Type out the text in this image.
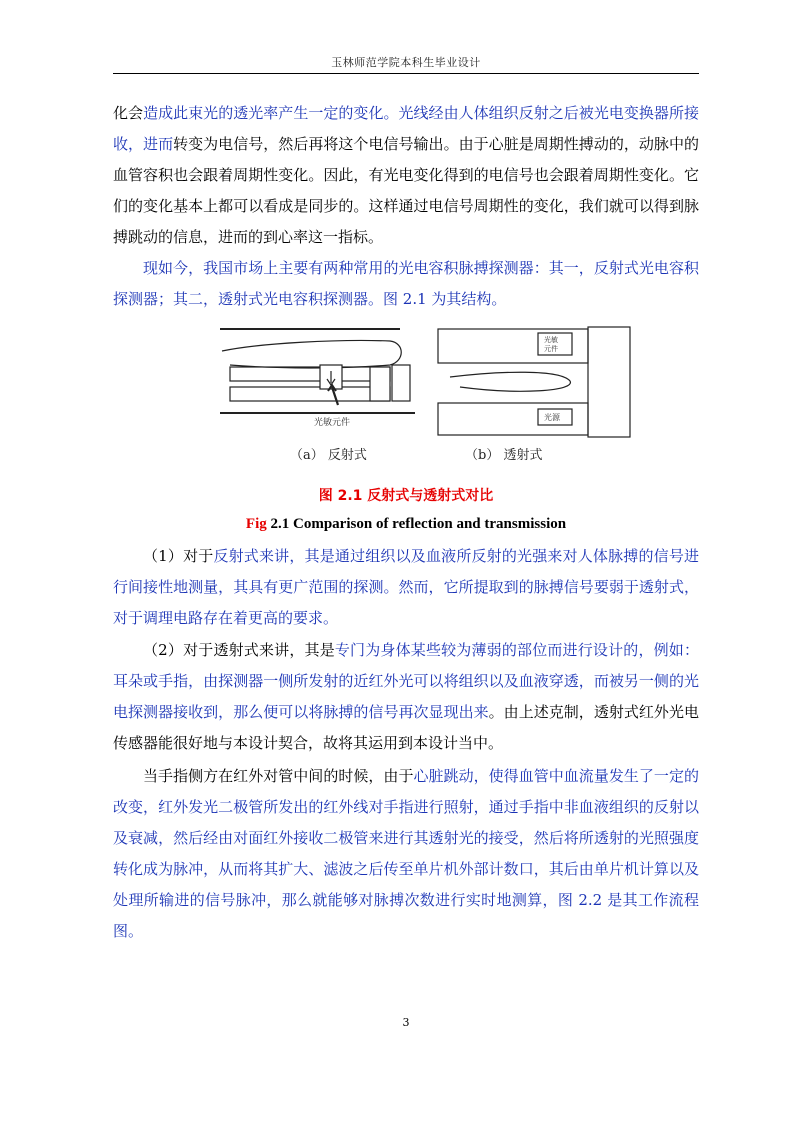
玉林师范学院本科生毕业设计
化会造成此束光的透光率产生一定的变化。光线经由人体组织反射之后被光电变换器所接收，进而转变为电信号，然后再将这个电信号输出。由于心脏是周期性搏动的，动脉中的血管容积也会跟着周期性变化。因此，有光电变化得到的电信号也会跟着周期性变化。它们的变化基本上都可以看成是同步的。这样通过电信号周期性的变化，我们就可以得到脉搏跳动的信息，进而的到心率这一指标。
现如今，我国市场上主要有两种常用的光电容积脉搏探测器：其一，反射式光电容积探测器；其二，透射式光电容积探测器。图 2.1 为其结构。
光敏元件
光敏
元件
光源
（a） 反射式	（b） 透射式
图 2.1 反射式与透射式对比
Fig 2.1 Comparison of reflection and transmission
（1）对于反射式来讲，其是通过组织以及血液所反射的光强来对人体脉搏的信号进行间接性地测量，其具有更广范围的探测。然而，它所提取到的脉搏信号要弱于透射式，对于调理电路存在着更高的要求。
（2）对于透射式来讲，其是专门为身体某些较为薄弱的部位而进行设计的，例如：耳朵或手指，由探测器一侧所发射的近红外光可以将组织以及血液穿透，而被另一侧的光电探测器接收到，那么便可以将脉搏的信号再次显现出来。由上述克制，透射式红外光电传感器能很好地与本设计契合，故将其运用到本设计当中。
当手指侧方在红外对管中间的时候，由于心脏跳动，使得血管中血流量发生了一定的改变，红外发光二极管所发出的红外线对手指进行照射，通过手指中非血液组织的反射以及衰减，然后经由对面红外接收二极管来进行其透射光的接受，然后将所透射的光照强度转化成为脉冲，从而将其扩大、滤波之后传至单片机外部计数口，其后由单片机计算以及处理所输进的信号脉冲，那么就能够对脉搏次数进行实时地测算，图 2.2 是其工作流程图。
3
